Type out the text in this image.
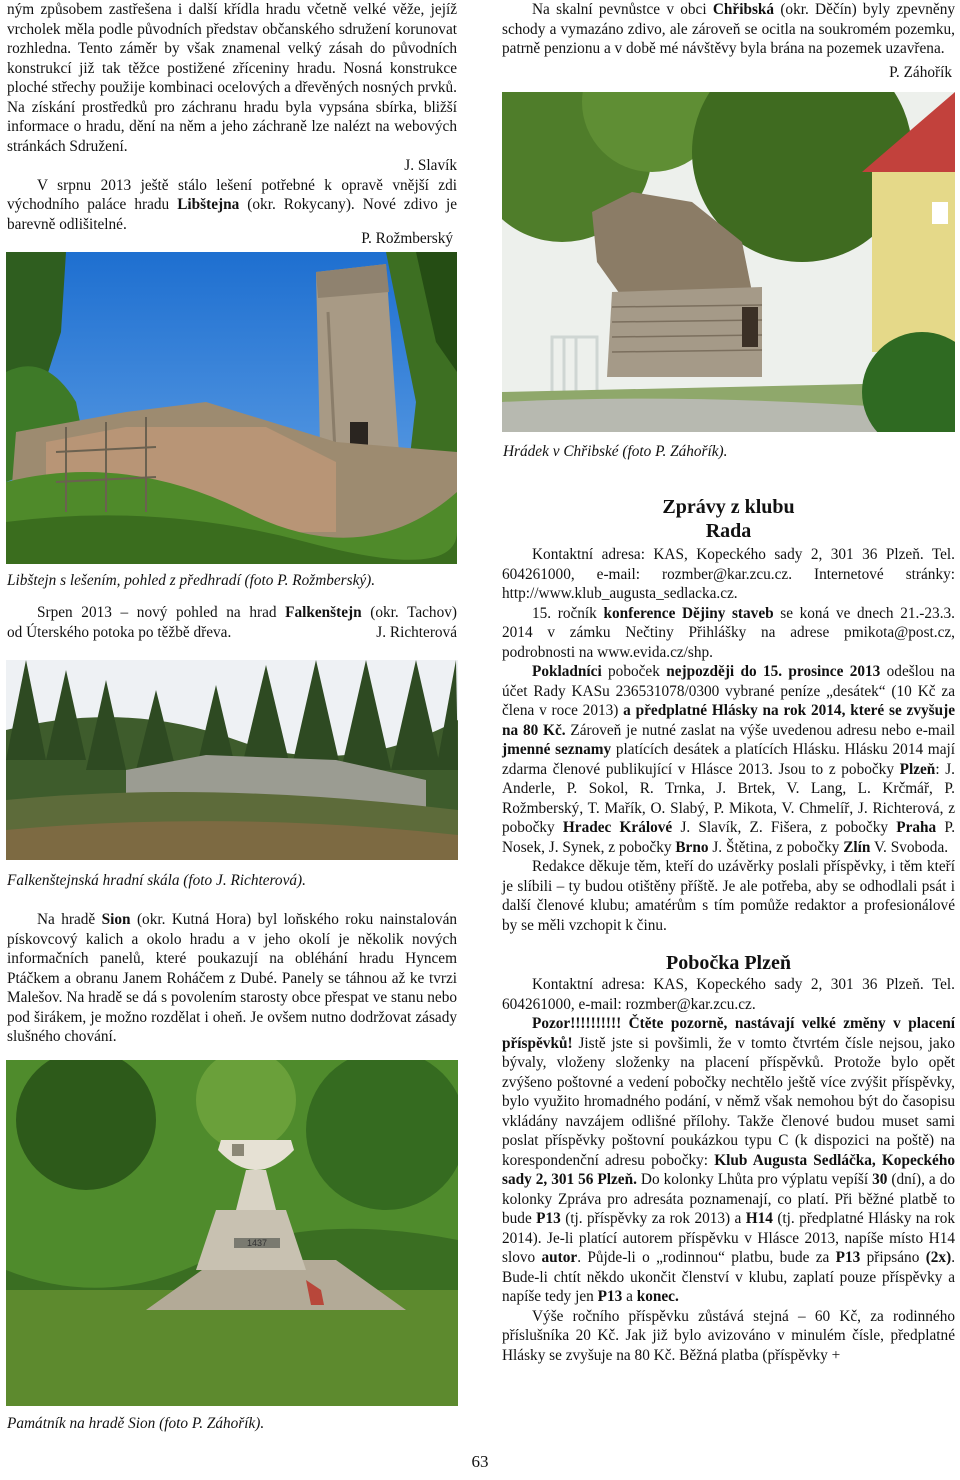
ným způsobem zastřešena i další křídla hradu včetně velké věže, jejíž vrcholek měla podle původních představ občanského sdružení korunovat rozhledna. Tento záměr by však znamenal velký zásah do původních konstrukcí již tak těžce postižené zříceniny hradu. Nosná konstrukce ploché střechy použije kombinaci ocelových a dřevěných nosných prvků. Na získání prostředků pro záchranu hradu byla vypsána sbírka, bližší informace o hradu, dění na něm a jeho záchraně lze nalézt na webových stránkách Sdružení.

J. Slavík

V srpnu 2013 ještě stálo lešení potřebné k opravě vnější zdi východního paláce hradu Libštejna (okr. Rokycany). Nové zdivo je barevně odlišitelné.

P. Rožmberský

Libštejn s lešením, pohled z předhradí (foto P. Rožmberský).

Srpen 2013 – nový pohled na hrad Falkenštejn (okr. Tachov)

od Úterského potoka po těžbě dřeva.	J. Richterová

Falkenštejnská hradní skála (foto J. Richterová).

Na hradě Sion (okr. Kutná Hora) byl loňského roku nainstalován pískovcový kalich a okolo hradu a v jeho okolí je několik nových informačních panelů, které poukazují na obléhání hradu Hyncem Ptáčkem a obranu Janem Roháčem z Dubé. Panely se táhnou až ke tvrzi Malešov. Na hradě se dá s povolením starosty obce přespat ve stanu nebo pod širákem, je možno rozdělat i oheň. Je ovšem nutno dodržovat zásady slušného chování.

1437

Památník na hradě Sion (foto P. Záhořík).

Na skalní pevnůstce v obci Chřibská (okr. Děčín) byly zpevněny schody a vymazáno zdivo, ale zároveň se ocitla na soukromém pozemku, patrně penzionu a v době mé návštěvy byla brána na pozemek uzavřena.

P. Záhořík

Hrádek v Chřibské (foto P. Záhořík).

Zprávy z klubu
Rada

Kontaktní adresa: KAS, Kopeckého sady 2, 301 36 Plzeň. Tel. 604261000, e-mail: rozmber@kar.zcu.cz. Internetové stránky: http://www.klub_augusta_sedlacka.cz.

15. ročník konference Dějiny staveb se koná ve dnech 21.-23.3. 2014 v zámku Nečtiny Přihlášky na adrese pmikota@post.cz, podrobnosti na www.evida.cz/shp.

Pokladníci poboček nejpozději do 15. prosince 2013 odešlou na účet Rady KASu 236531078/0300 vybrané peníze „desátek“ (10 Kč za člena v roce 2013) a předplatné Hlásky na rok 2014, které se zvyšuje na 80 Kč. Zároveň je nutné zaslat na výše uvedenou adresu nebo e-mail jmenné seznamy platících desátek a platících Hlásku. Hlásku 2014 mají zdarma členové publikující v Hlásce 2013. Jsou to z pobočky Plzeň: J. Anderle, P. Sokol, R. Trnka, J. Brtek, V. Lang, L. Krčmář, P. Rožmberský, T. Mařík, O. Slabý, P. Mikota, V. Chmelíř, J. Richterová, z pobočky Hradec Králové J. Slavík, Z. Fišera, z pobočky Praha P. Nosek, J. Synek, z pobočky Brno J. Štětina, z pobočky Zlín V. Svoboda.

Redakce děkuje těm, kteří do uzávěrky poslali příspěvky, i těm kteří je slíbili – ty budou otištěny příště. Je ale potřeba, aby se odhodlali psát i další členové klubu; amatérům s tím pomůže redaktor a profesionálové by se měli vzchopit k činu.

Pobočka Plzeň

Kontaktní adresa: KAS, Kopeckého sady 2, 301 36 Plzeň. Tel. 604261000, e-mail: rozmber@kar.zcu.cz.

Pozor!!!!!!!!!! Čtěte pozorně, nastávají velké změny v placení příspěvků! Jistě jste si povšimli, že v tomto čtvrtém čísle nejsou, jako bývaly, vloženy složenky na placení příspěvků. Protože bylo opět zvýšeno poštovné a vedení pobočky nechtělo ještě více zvýšit příspěvky, bylo využito hromadného podání, v němž však nemohou být do časopisu vkládány navzájem odlišné přílohy. Takže členové budou muset sami poslat příspěvky poštovní poukázkou typu C (k dispozici na poště) na korespondenční adresu pobočky: Klub Augusta Sedláčka, Kopeckého sady 2, 301 56 Plzeň. Do kolonky Lhůta pro výplatu vepíší 30 (dní), a do kolonky Zpráva pro adresáta poznamenají, co platí. Při běžné platbě to bude P13 (tj. příspěvky za rok 2013) a H14 (tj. předplatné Hlásky na rok 2014). Je-li platící autorem příspěvku v Hlásce 2013, napíše místo H14 slovo autor. Půjde-li o „rodinnou“ platbu, bude za P13 připsáno (2x). Bude-li chtít někdo ukončit členství v klubu, zaplatí pouze příspěvky a napíše tedy jen P13 a konec.

Výše ročního příspěvku zůstává stejná – 60 Kč, za rodinného příslušníka 20 Kč. Jak již bylo avizováno v minulém čísle, předplatné Hlásky se zvyšuje na 80 Kč. Běžná platba (příspěvky +

63
